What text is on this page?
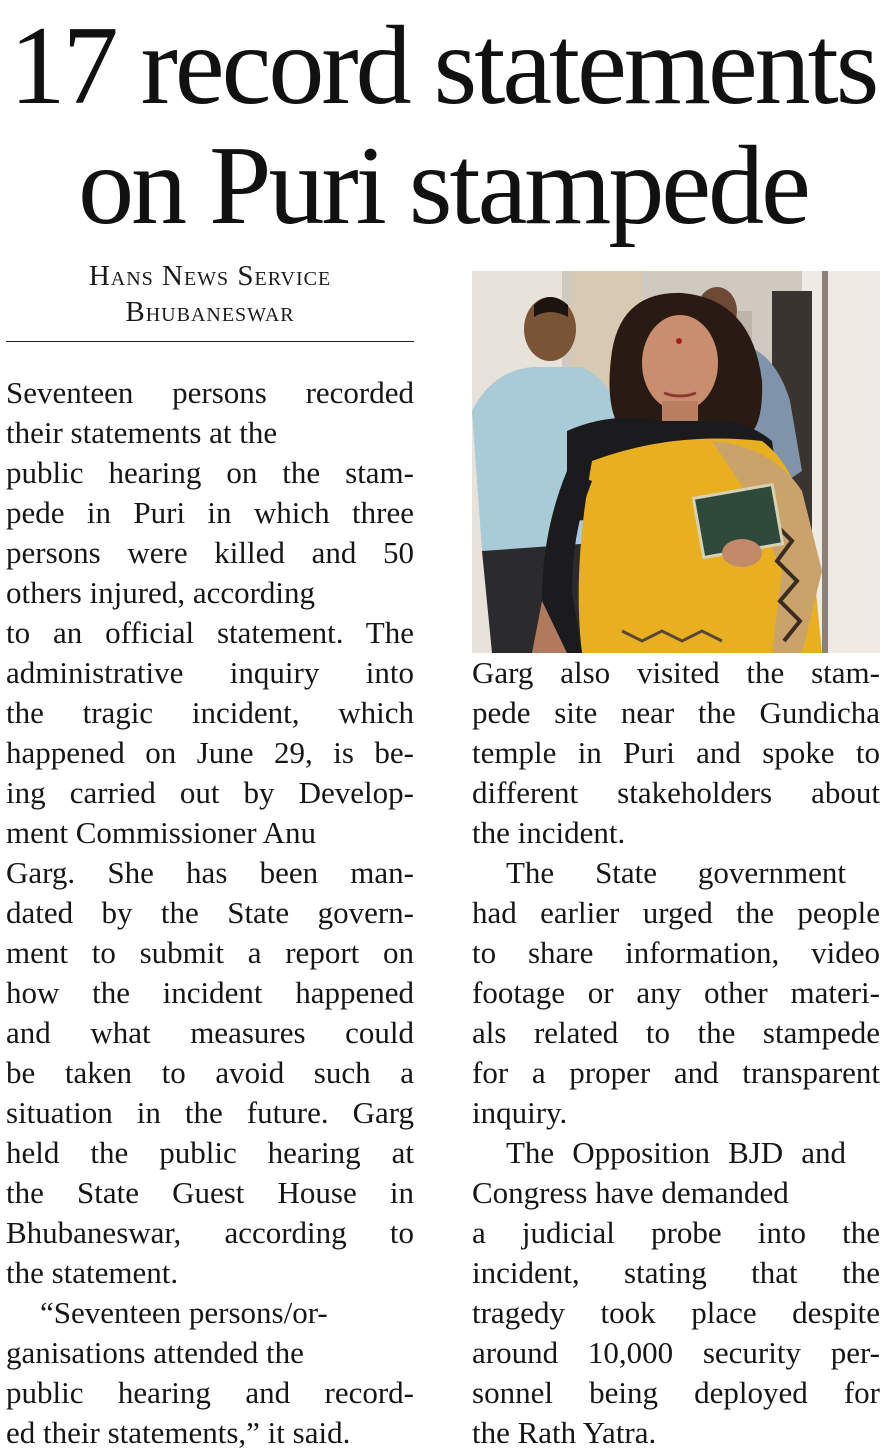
17 record statements
on Puri stampede
Hans News Service
Bhubaneswar

Seventeen persons recorded
their statements at the
public hearing on the stam-
pede in Puri in which three
persons were killed and 50
others injured, according
to an official statement. The
administrative inquiry into
the tragic incident, which
happened on June 29, is be-
ing carried out by Develop-
ment Commissioner Anu
Garg. She has been man-
dated by the State govern-
ment to submit a report on
how the incident happened
and what measures could
be taken to avoid such a
situation in the future. Garg
held the public hearing at
the State Guest House in
Bhubaneswar, according to
the statement.

“Seventeen persons/or-
ganisations attended the
public hearing and record-
ed their statements,” it said.

Garg also visited the stam-
pede site near the Gundicha
temple in Puri and spoke to
different stakeholders about
the incident.

The State government
had earlier urged the people
to share information, video
footage or any other materi-
als related to the stampede
for a proper and transparent
inquiry.

The Opposition BJD and
Congress have demanded
a judicial probe into the
incident, stating that the
tragedy took place despite
around 10,000 security per-
sonnel being deployed for
the Rath Yatra.
